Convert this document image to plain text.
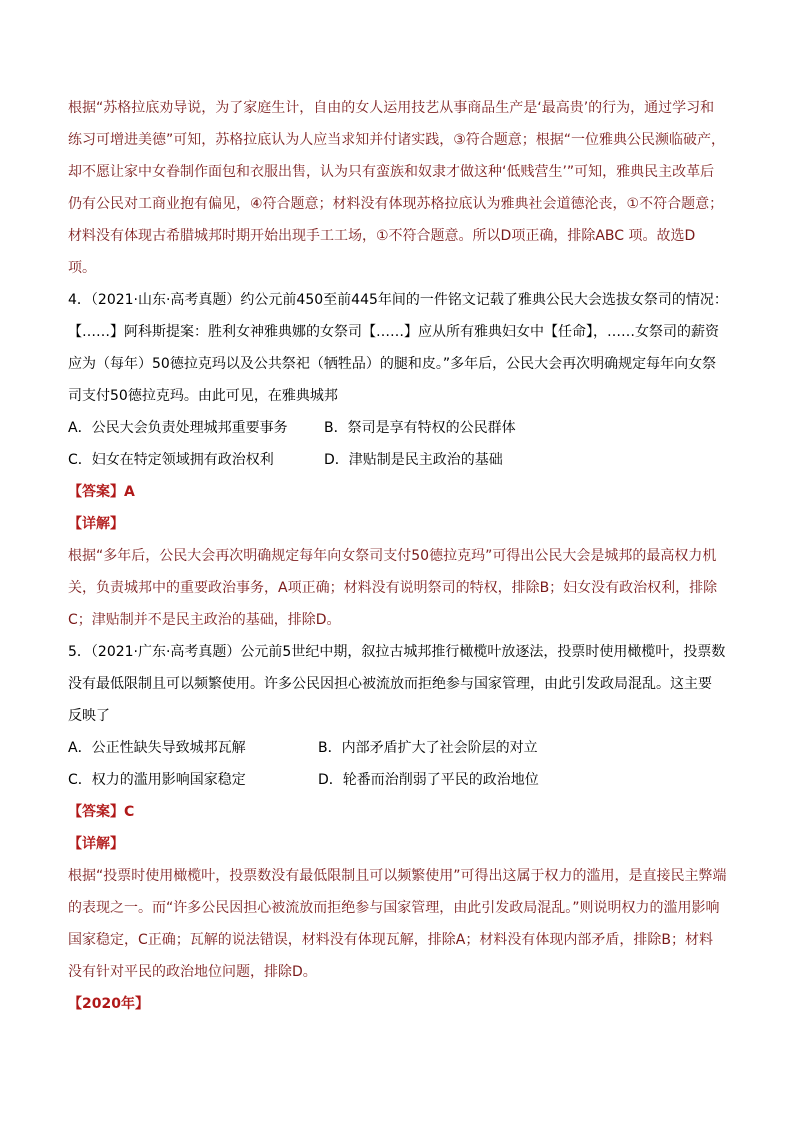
根据“苏格拉底劝导说，为了家庭生计，自由的女人运用技艺从事商品生产是‘最高贵’的行为，通过学习和
练习可增进美德”可知，苏格拉底认为人应当求知并付诸实践，③符合题意；根据“一位雅典公民濒临破产，
却不愿让家中女眷制作面包和衣服出售，认为只有蛮族和奴隶才做这种‘低贱营生’”可知，雅典民主改革后
仍有公民对工商业抱有偏见，④符合题意；材料没有体现苏格拉底认为雅典社会道德沦丧，①不符合题意；
材料没有体现古希腊城邦时期开始出现手工工场，①不符合题意。所以D项正确，排除ABC 项。故选D
项。
4．（2021·山东·高考真题）约公元前450至前445年间的一件铭文记载了雅典公民大会选拔女祭司的情况：
【……】阿科斯提案：胜利女神雅典娜的女祭司【……】应从所有雅典妇女中【任命】，……女祭司的薪资
应为（每年）50德拉克玛以及公共祭祀（牺牲品）的腿和皮。”多年后，公民大会再次明确规定每年向女祭
司支付50德拉克玛。由此可见，在雅典城邦
A．公民大会负责处理城邦重要事务	B．祭司是享有特权的公民群体
C．妇女在特定领域拥有政治权利	D．津贴制是民主政治的基础
【答案】A
【详解】
根据“多年后，公民大会再次明确规定每年向女祭司支付50德拉克玛”可得出公民大会是城邦的最高权力机
关，负责城邦中的重要政治事务，A项正确；材料没有说明祭司的特权，排除B；妇女没有政治权利，排除
C；津贴制并不是民主政治的基础，排除D。
5．（2021·广东·高考真题）公元前5世纪中期，叙拉古城邦推行橄榄叶放逐法，投票时使用橄榄叶，投票数
没有最低限制且可以频繁使用。许多公民因担心被流放而拒绝参与国家管理，由此引发政局混乱。这主要
反映了
A．公正性缺失导致城邦瓦解	B．内部矛盾扩大了社会阶层的对立
C．权力的滥用影响国家稳定	D．轮番而治削弱了平民的政治地位
【答案】C
【详解】
根据“投票时使用橄榄叶，投票数没有最低限制且可以频繁使用”可得出这属于权力的滥用，是直接民主弊端
的表现之一。而“许多公民因担心被流放而拒绝参与国家管理，由此引发政局混乱。”则说明权力的滥用影响
国家稳定，C正确；瓦解的说法错误，材料没有体现瓦解，排除A；材料没有体现内部矛盾，排除B；材料
没有针对平民的政治地位问题，排除D。
【2020年】
